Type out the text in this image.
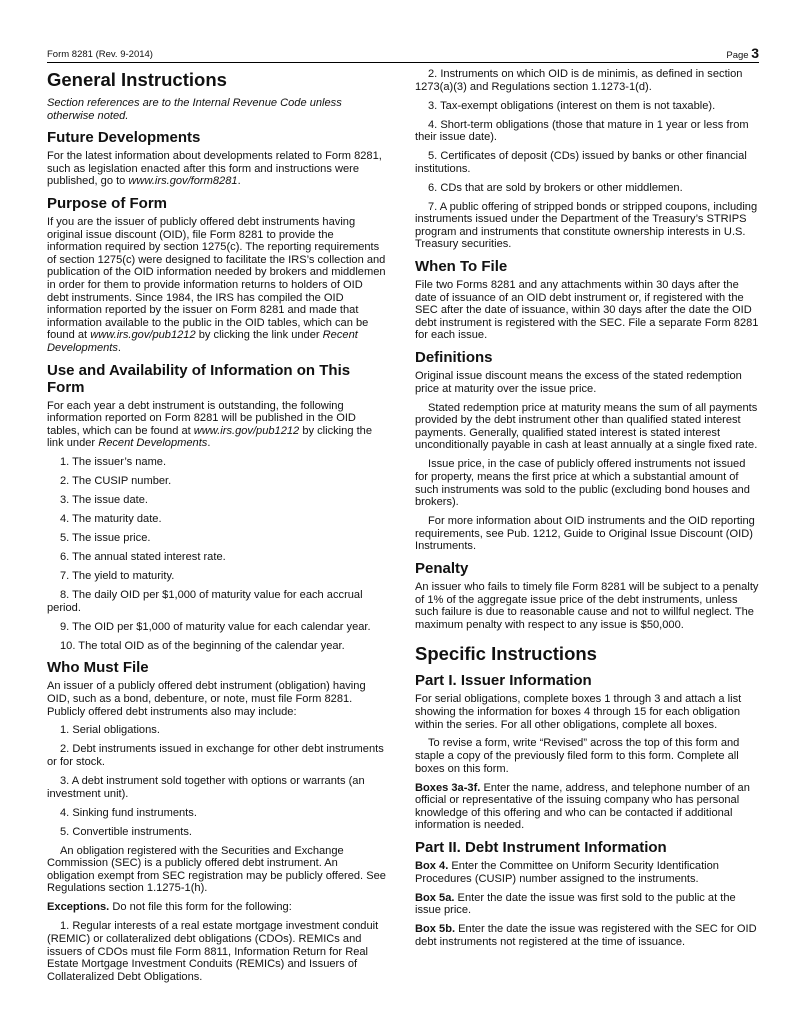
Form 8281 (Rev. 9-2014)	Page 3
General Instructions

Section references are to the Internal Revenue Code unless otherwise noted.

Future Developments

For the latest information about developments related to Form 8281, such as legislation enacted after this form and instructions were published, go to www.irs.gov/form8281.

Purpose of Form

If you are the issuer of publicly offered debt instruments having original issue discount (OID), file Form 8281 to provide the information required by section 1275(c). The reporting requirements of section 1275(c) were designed to facilitate the IRS’s collection and publication of the OID information needed by brokers and middlemen in order for them to provide information returns to holders of OID debt instruments. Since 1984, the IRS has compiled the OID information reported by the issuer on Form 8281 and made that information available to the public in the OID tables, which can be found at www.irs.gov/pub1212 by clicking the link under Recent Developments.

Use and Availability of Information on This Form

For each year a debt instrument is outstanding, the following information reported on Form 8281 will be published in the OID tables, which can be found at www.irs.gov/pub1212 by clicking the link under Recent Developments.

1. The issuer’s name.

2. The CUSIP number.

3. The issue date.

4. The maturity date.

5. The issue price.

6. The annual stated interest rate.

7. The yield to maturity.

8. The daily OID per $1,000 of maturity value for each accrual period.

9. The OID per $1,000 of maturity value for each calendar year.

10. The total OID as of the beginning of the calendar year.

Who Must File

An issuer of a publicly offered debt instrument (obligation) having OID, such as a bond, debenture, or note, must file Form 8281. Publicly offered debt instruments also may include:

1. Serial obligations.

2. Debt instruments issued in exchange for other debt instruments or for stock.

3. A debt instrument sold together with options or warrants (an investment unit).

4. Sinking fund instruments.

5. Convertible instruments.

An obligation registered with the Securities and Exchange Commission (SEC) is a publicly offered debt instrument. An obligation exempt from SEC registration may be publicly offered. See Regulations section 1.1275-1(h).

Exceptions. Do not file this form for the following:

1. Regular interests of a real estate mortgage investment conduit (REMIC) or collateralized debt obligations (CDOs). REMICs and issuers of CDOs must file Form 8811, Information Return for Real Estate Mortgage Investment Conduits (REMICs) and Issuers of Collateralized Debt Obligations.

2. Instruments on which OID is de minimis, as defined in section 1273(a)(3) and Regulations section 1.1273-1(d).

3. Tax-exempt obligations (interest on them is not taxable).

4. Short-term obligations (those that mature in 1 year or less from their issue date).

5. Certificates of deposit (CDs) issued by banks or other financial institutions.

6. CDs that are sold by brokers or other middlemen.

7. A public offering of stripped bonds or stripped coupons, including instruments issued under the Department of the Treasury’s STRIPS program and instruments that constitute ownership interests in U.S. Treasury securities.

When To File

File two Forms 8281 and any attachments within 30 days after the date of issuance of an OID debt instrument or, if registered with the SEC after the date of issuance, within 30 days after the date the OID debt instrument is registered with the SEC. File a separate Form 8281 for each issue.

Definitions

Original issue discount means the excess of the stated redemption price at maturity over the issue price.

Stated redemption price at maturity means the sum of all payments provided by the debt instrument other than qualified stated interest payments. Generally, qualified stated interest is stated interest unconditionally payable in cash at least annually at a single fixed rate.

Issue price, in the case of publicly offered instruments not issued for property, means the first price at which a substantial amount of such instruments was sold to the public (excluding bond houses and brokers).

For more information about OID instruments and the OID reporting requirements, see Pub. 1212, Guide to Original Issue Discount (OID) Instruments.

Penalty

An issuer who fails to timely file Form 8281 will be subject to a penalty of 1% of the aggregate issue price of the debt instruments, unless such failure is due to reasonable cause and not to willful neglect. The maximum penalty with respect to any issue is $50,000.

Specific Instructions
Part I. Issuer Information

For serial obligations, complete boxes 1 through 3 and attach a list showing the information for boxes 4 through 15 for each obligation within the series. For all other obligations, complete all boxes.

To revise a form, write “Revised” across the top of this form and staple a copy of the previously filed form to this form. Complete all boxes on this form.

Boxes 3a-3f. Enter the name, address, and telephone number of an official or representative of the issuing company who has personal knowledge of this offering and who can be contacted if additional information is needed.

Part II. Debt Instrument Information

Box 4. Enter the Committee on Uniform Security Identification Procedures (CUSIP) number assigned to the instruments.

Box 5a. Enter the date the issue was first sold to the public at the issue price.

Box 5b. Enter the date the issue was registered with the SEC for OID debt instruments not registered at the time of issuance.
